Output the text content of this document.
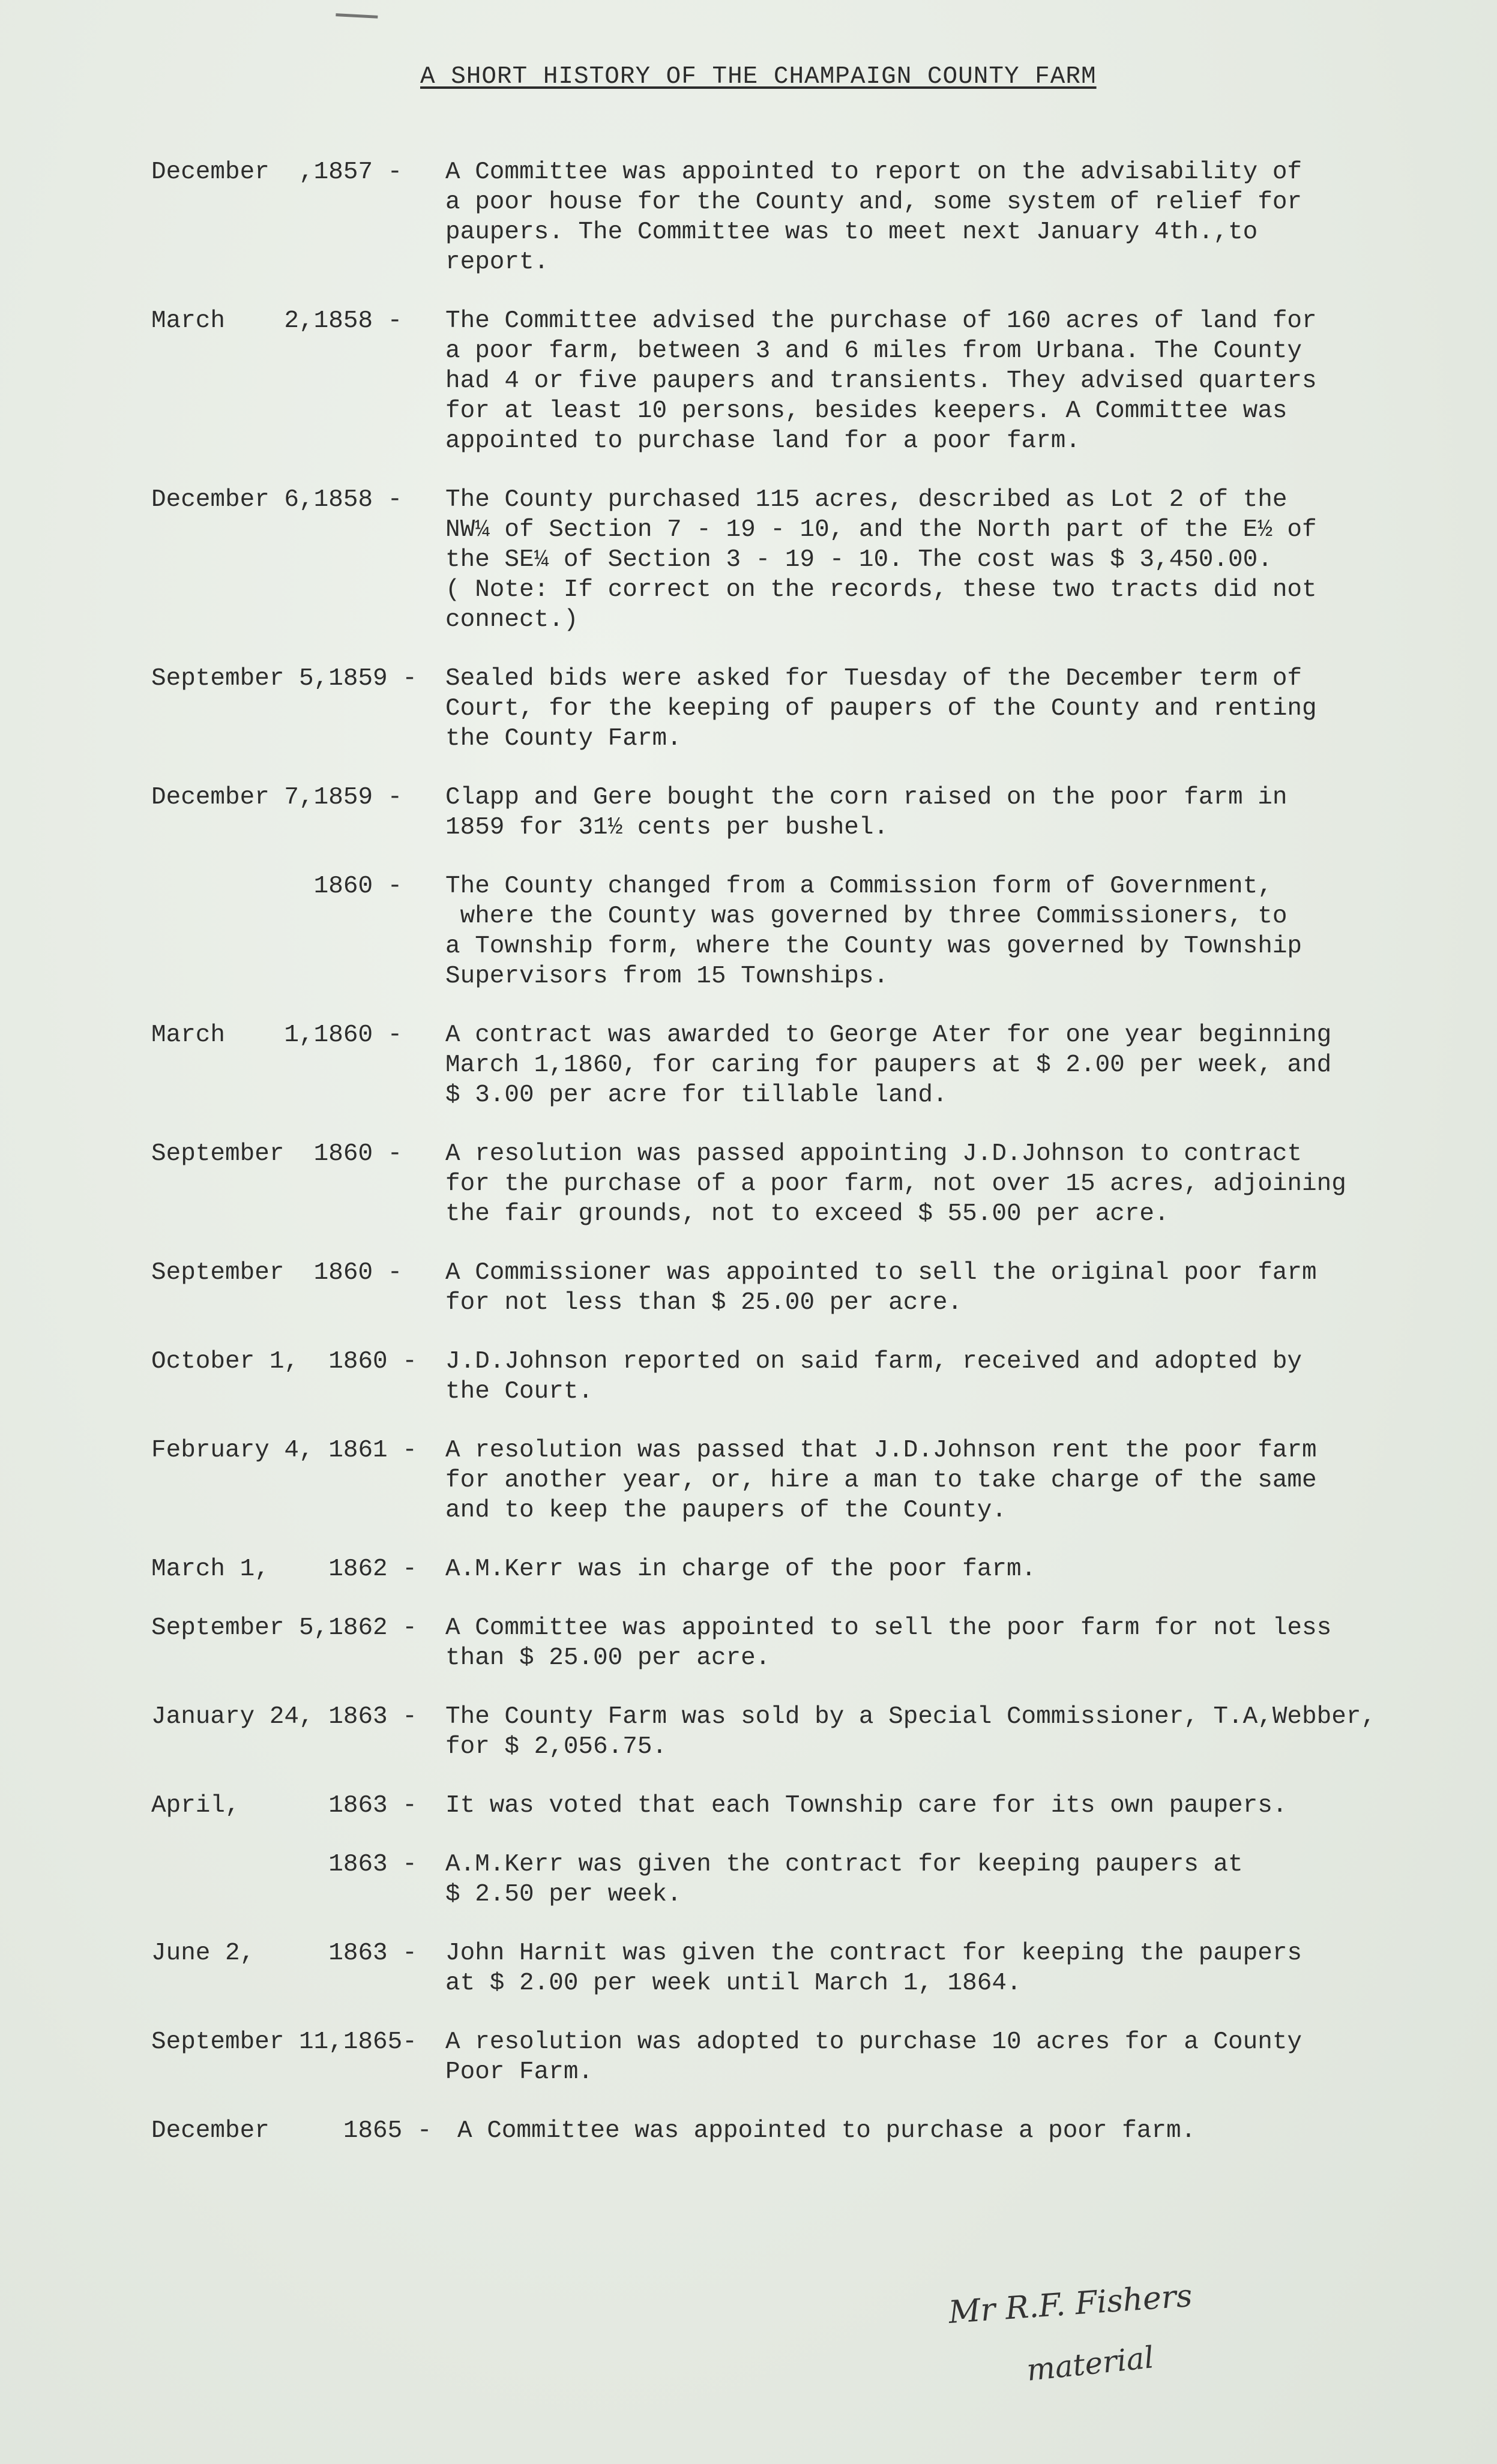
A SHORT HISTORY OF THE CHAMPAIGN COUNTY FARM
December  ,1857 -	A Committee was appointed to report on the advisability of
a poor house for the County and, some system of relief for
paupers. The Committee was to meet next January 4th.,to
report.
March    2,1858 -	The Committee advised the purchase of 160 acres of land for
a poor farm, between 3 and 6 miles from Urbana. The County
had 4 or five paupers and transients. They advised quarters
for at least 10 persons, besides keepers. A Committee was
appointed to purchase land for a poor farm.
December 6,1858 -	The County purchased 115 acres, described as Lot 2 of the
NW¼ of Section 7 - 19 - 10, and the North part of the E½ of
the SE¼ of Section 3 - 19 - 10. The cost was $ 3,450.00.
( Note: If correct on the records, these two tracts did not
connect.)
September 5,1859 -	Sealed bids were asked for Tuesday of the December term of
Court, for the keeping of paupers of the County and renting
the County Farm.
December 7,1859 -	Clapp and Gere bought the corn raised on the poor farm in
1859 for 31½ cents per bushel.
1860 -	The County changed from a Commission form of Government,
where the County was governed by three Commissioners, to
a Township form, where the County was governed by Township
Supervisors from 15 Townships.
March    1,1860 -	A contract was awarded to George Ater for one year beginning
March 1,1860, for caring for paupers at $ 2.00 per week, and
$ 3.00 per acre for tillable land.
September  1860 -	A resolution was passed appointing J.D.Johnson to contract
for the purchase of a poor farm, not over 15 acres, adjoining
the fair grounds, not to exceed $ 55.00 per acre.
September  1860 -	A Commissioner was appointed to sell the original poor farm
for not less than $ 25.00 per acre.
October 1,  1860 -	J.D.Johnson reported on said farm, received and adopted by
the Court.
February 4, 1861 -	A resolution was passed that J.D.Johnson rent the poor farm
for another year, or, hire a man to take charge of the same
and to keep the paupers of the County.
March 1,    1862 -	A.M.Kerr was in charge of the poor farm.
September 5,1862 -	A Committee was appointed to sell the poor farm for not less
than $ 25.00 per acre.
January 24, 1863 -	The County Farm was sold by a Special Commissioner, T.A,Webber,
for $ 2,056.75.
April,      1863 -	It was voted that each Township care for its own paupers.
1863 -	A.M.Kerr was given the contract for keeping paupers at
$ 2.50 per week.
June 2,     1863 -	John Harnit was given the contract for keeping the paupers
at $ 2.00 per week until March 1, 1864.
September 11,1865-	A resolution was adopted to purchase 10 acres for a County
Poor Farm.
December     1865 -	A Committee was appointed to purchase a poor farm.
Mr R.F. Fishers
material
